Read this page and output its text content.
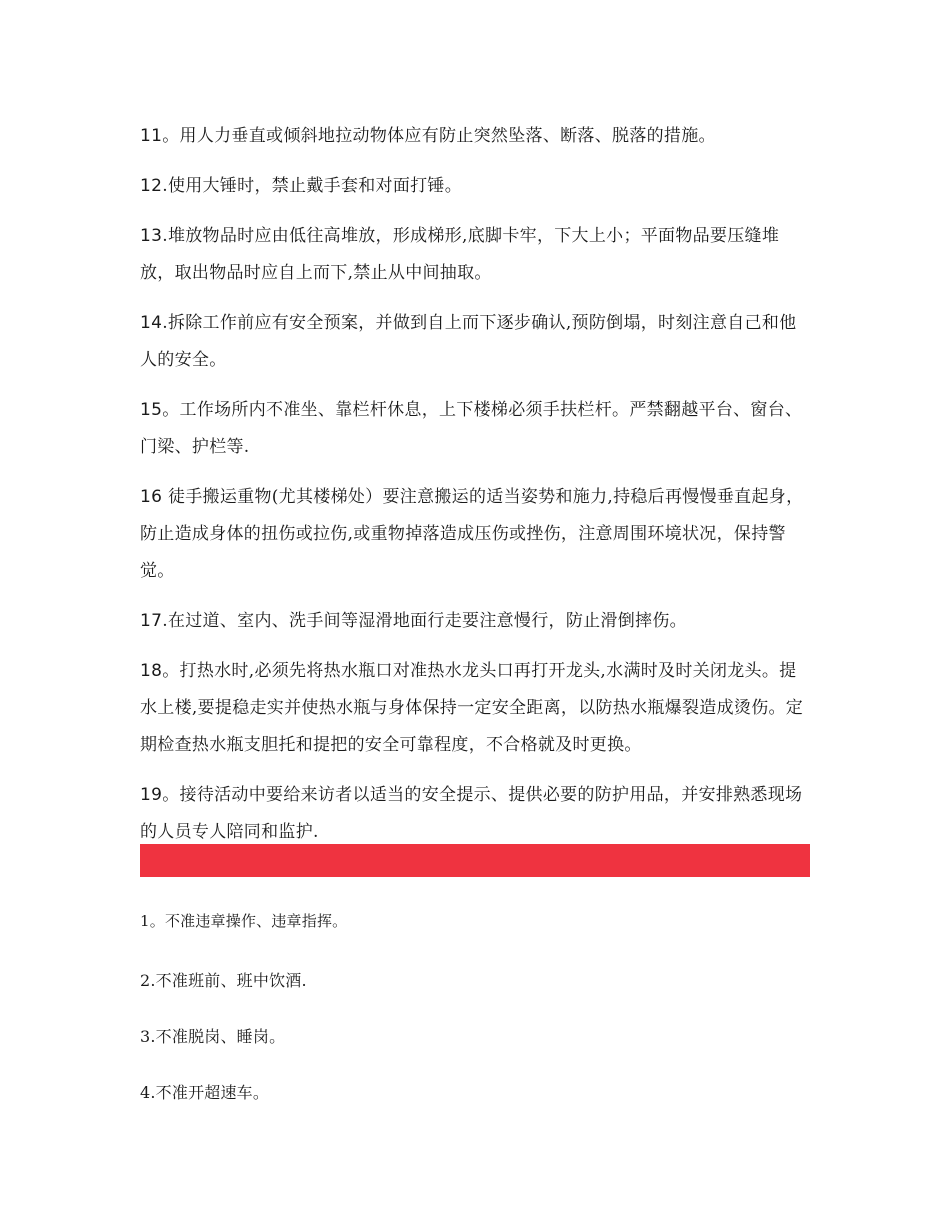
11。用人力垂直或倾斜地拉动物体应有防止突然坠落、断落、脱落的措施。

12.使用大锤时，禁止戴手套和对面打锤。

13.堆放物品时应由低往高堆放，形成梯形,底脚卡牢，下大上小；平面物品要压缝堆放，取出物品时应自上而下,禁止从中间抽取。

14.拆除工作前应有安全预案，并做到自上而下逐步确认,预防倒塌，时刻注意自己和他人的安全。

15。工作场所内不准坐、靠栏杆休息，上下楼梯必须手扶栏杆。严禁翻越平台、窗台、门梁、护栏等.

16 徒手搬运重物(尤其楼梯处）要注意搬运的适当姿势和施力,持稳后再慢慢垂直起身，防止造成身体的扭伤或拉伤,或重物掉落造成压伤或挫伤，注意周围环境状况，保持警觉。

17.在过道、室内、洗手间等湿滑地面行走要注意慢行，防止滑倒摔伤。

18。打热水时,必须先将热水瓶口对准热水龙头口再打开龙头,水满时及时关闭龙头。提水上楼,要提稳走实并使热水瓶与身体保持一定安全距离，以防热水瓶爆裂造成烫伤。定期检查热水瓶支胆托和提把的安全可靠程度，不合格就及时更换。

19。接待活动中要给来访者以适当的安全提示、提供必要的防护用品，并安排熟悉现场的人员专人陪同和监护.

1。不准违章操作、违章指挥。

2.不准班前、班中饮酒.

3.不准脱岗、睡岗。

4.不准开超速车。
